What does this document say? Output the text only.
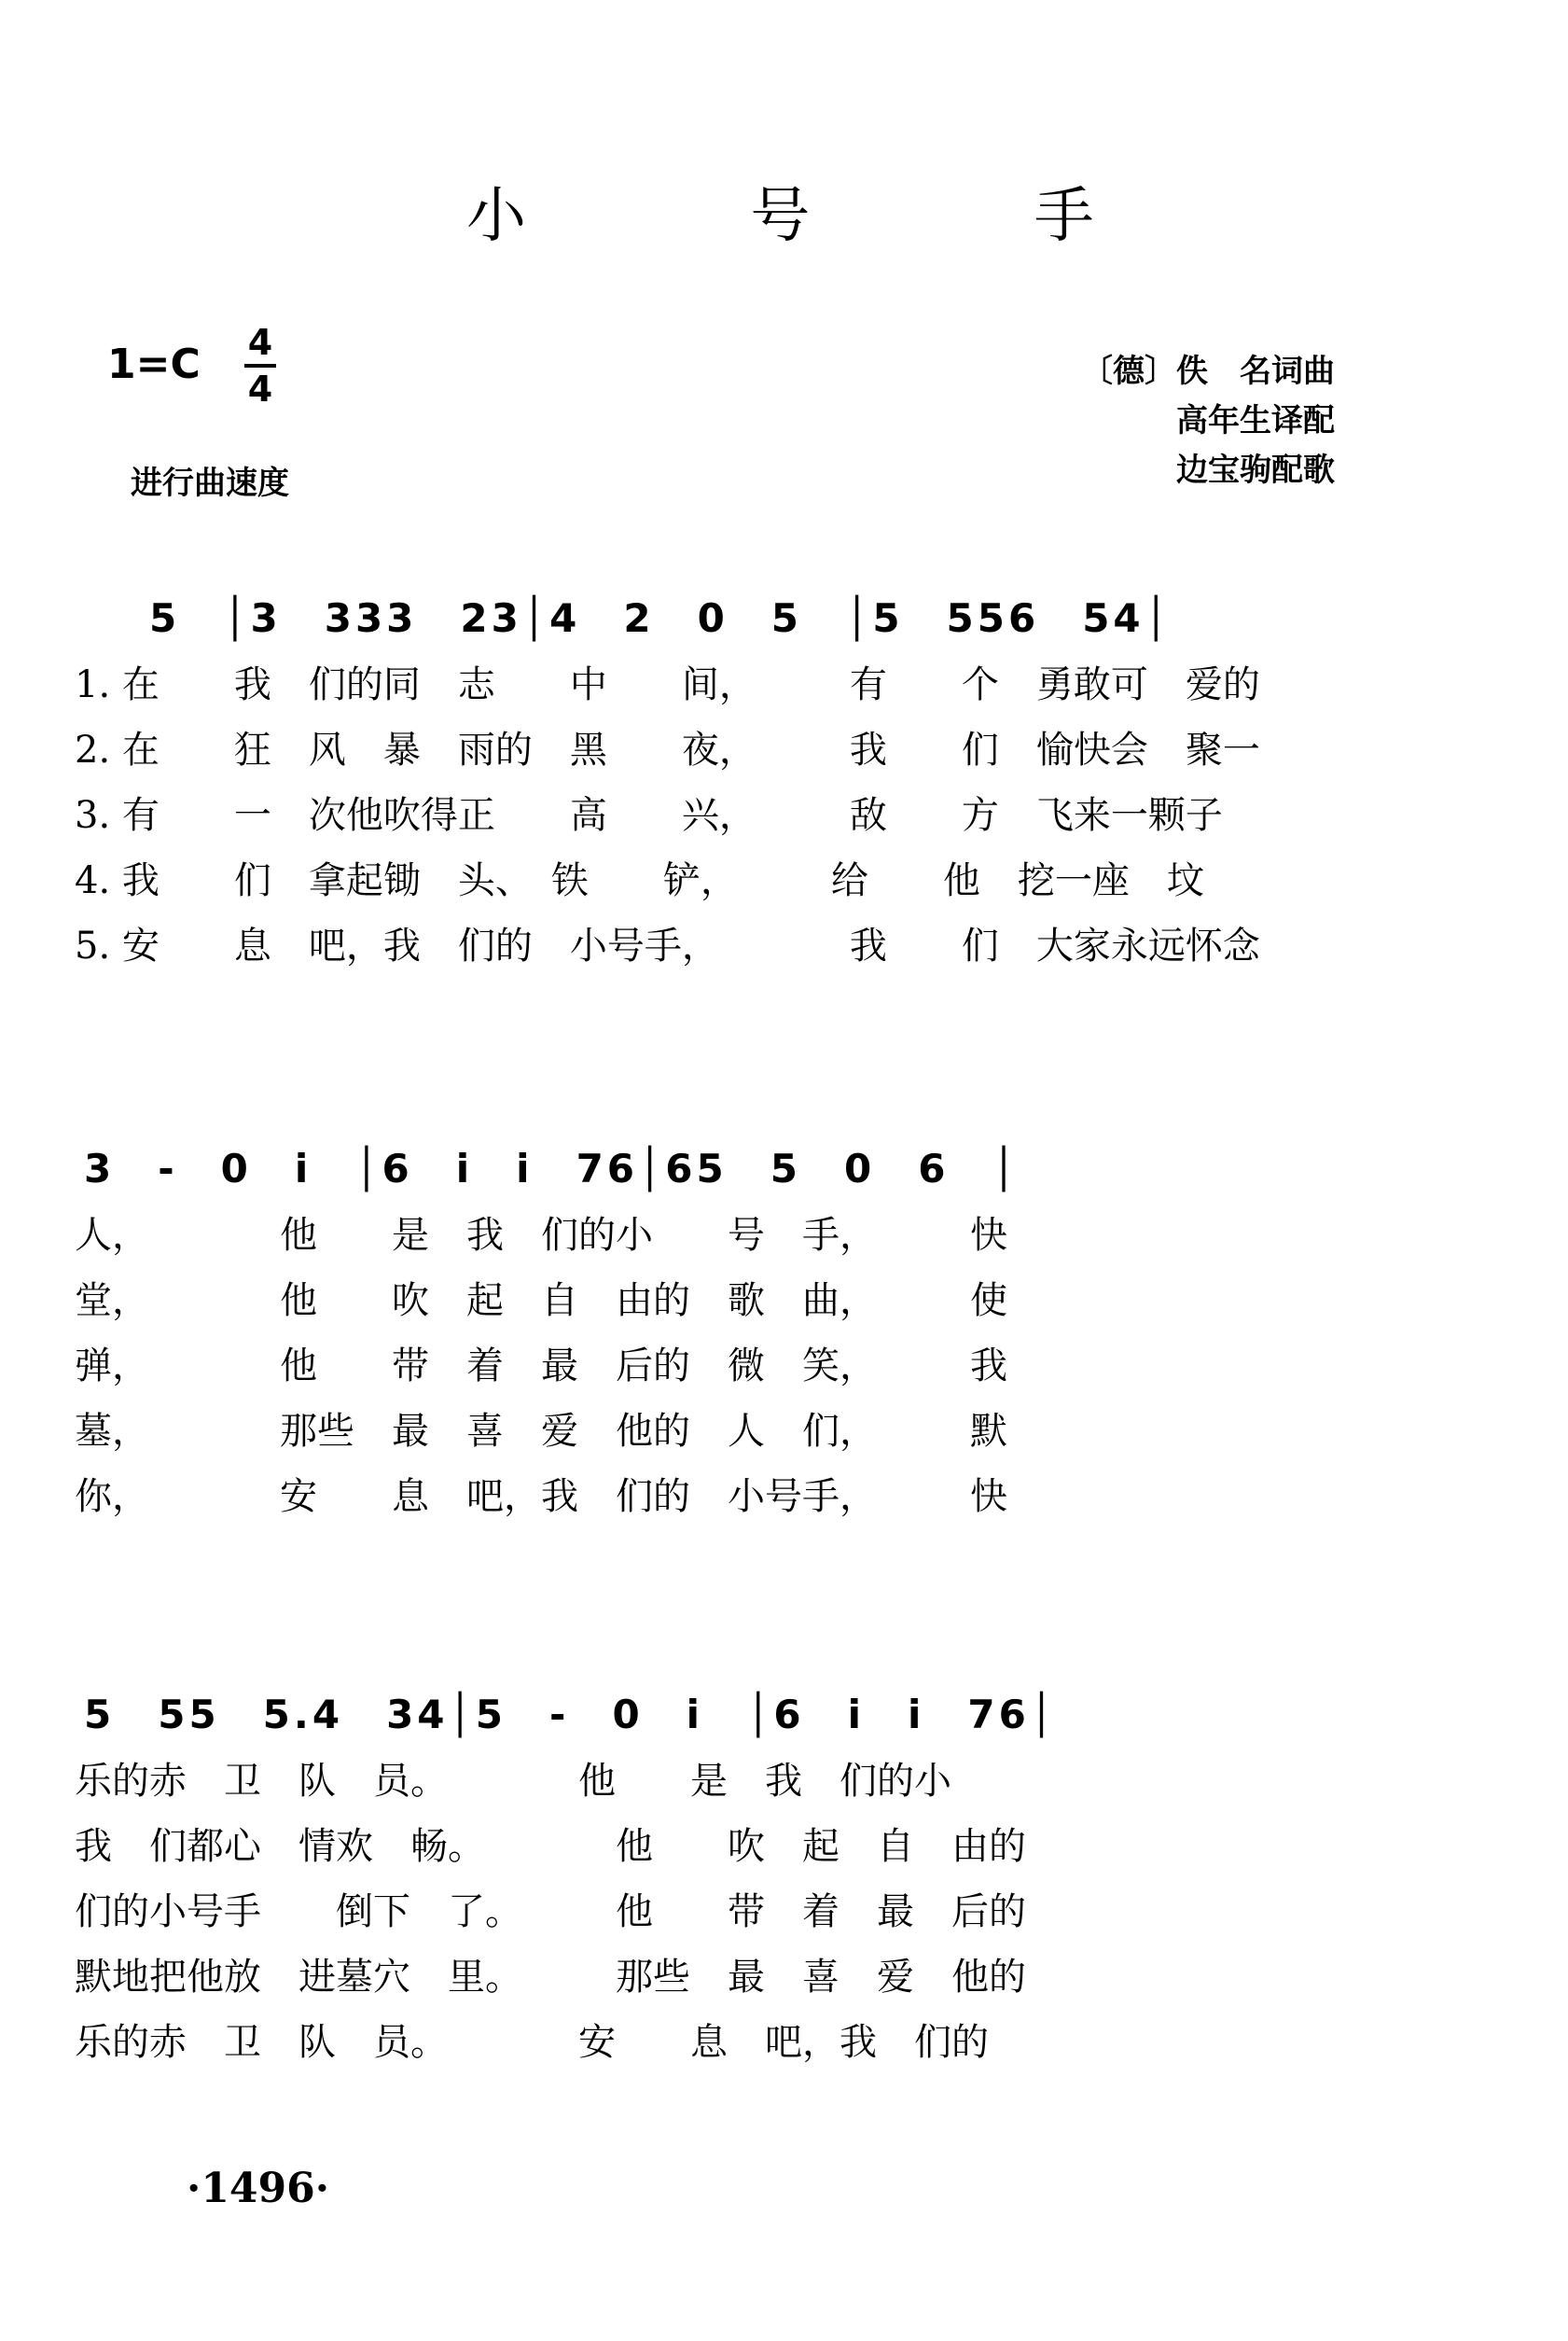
小 号 手
1=C 4
4
进行曲速度
〔德〕佚　名词曲
高年生译配
边宝驹配歌
5　│3　333　23│4　2　0　5　│5　556　54│
1. 在　　我　们的同　志　　中　　间，　　　有　　个　勇敢可　爱的
2. 在　　狂　风　暴　雨的　黑　　夜，　　　我　　们　愉快会　聚一
3. 有　　一　次他吹得正　　高　　兴，　　　敌　　方　飞来一颗子
4. 我　　们　拿起锄　头、　铁　　铲，　　　给　　他　挖一座　坟
5. 安　　息　吧，我　们的　小号手，　　　　我　　们　大家永远怀念
3　-　0　i　│6　i　i　76│65　5　0　6　│
人，　　　　他　　是　我　们的小　　号　手，　　　快
堂，　　　　他　　吹　起　自　由的　歌　曲，　　　使
弹，　　　　他　　带　着　最　后的　微　笑，　　　我
墓，　　　　那些　最　喜　爱　他的　人　们，　　　默
你，　　　　安　　息　吧，我　们的　小号手，　　　快
5　55　5.4　34│5　-　0　i　│6　i　i　76│
乐的赤　卫　队　员。　　　　他　　是　我　们的小
我　们都心　情欢　畅。　　　　他　　吹　起　自　由的
们的小号手　　倒下　了。　　　他　　带　着　最　后的
默地把他放　进墓穴　里。　　　那些　最　喜　爱　他的
乐的赤　卫　队　员。　　　　安　　息　吧，我　们的
·1496·
